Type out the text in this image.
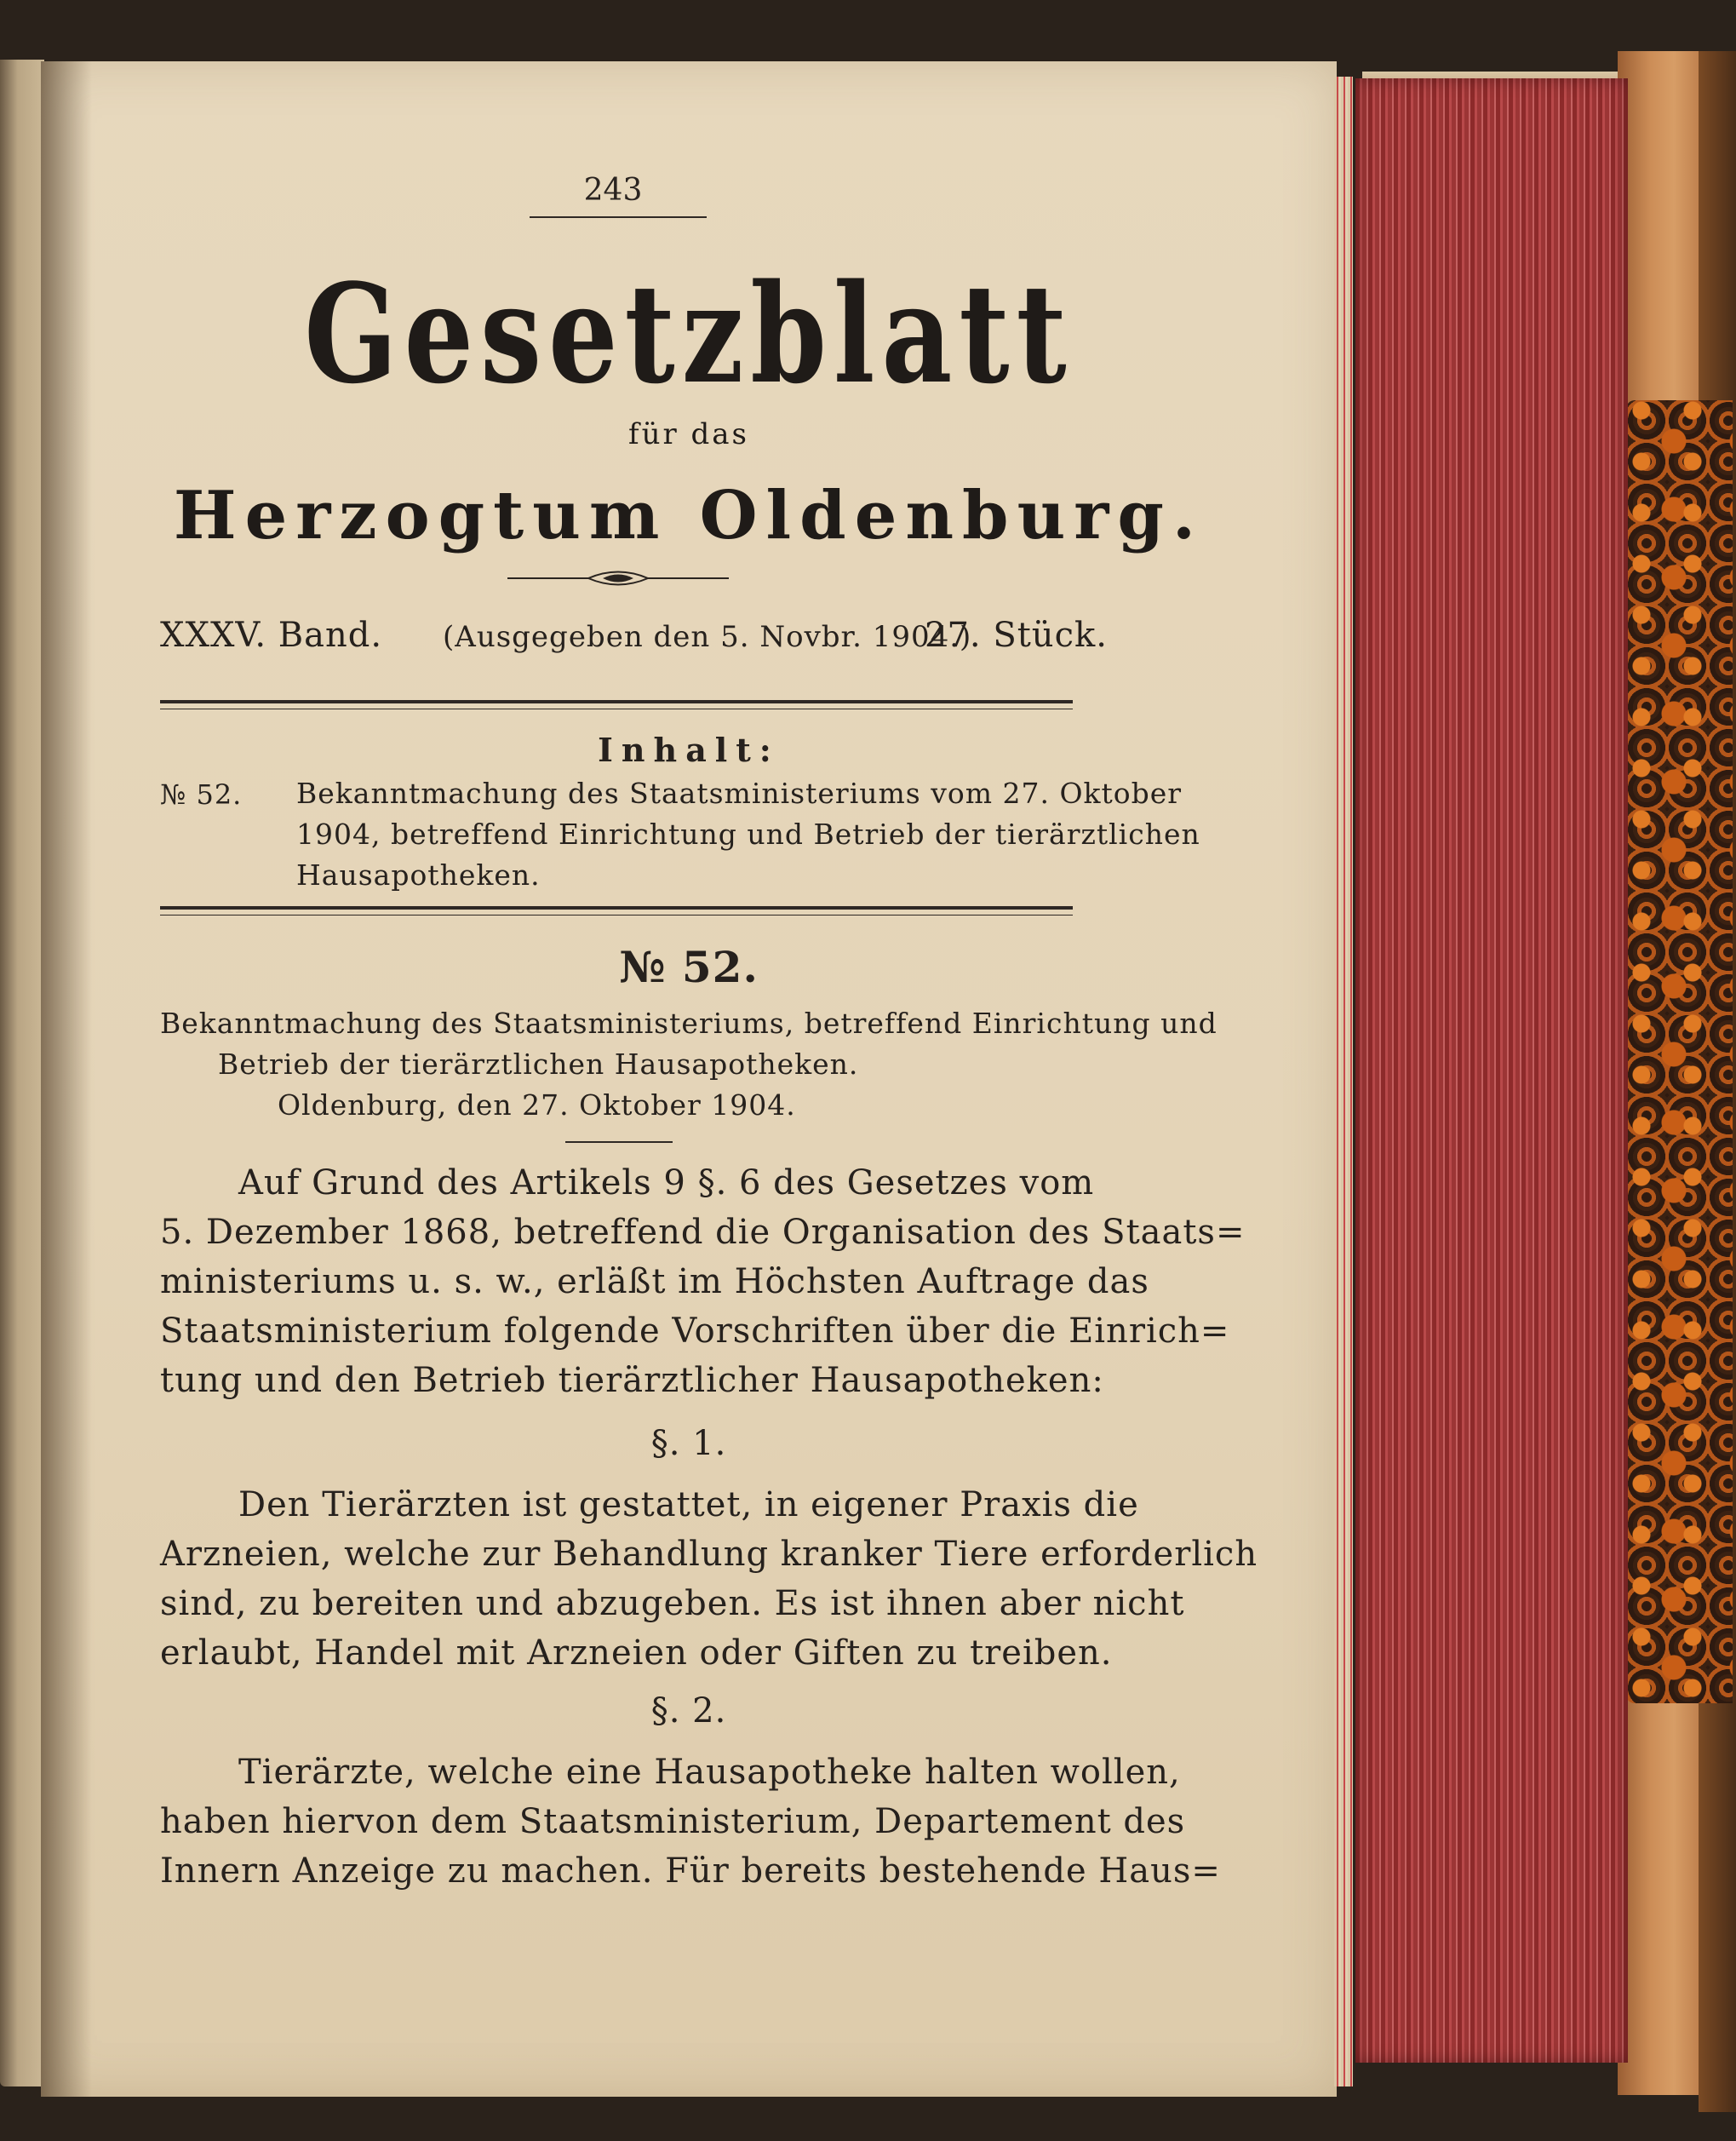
243
Gesetzblatt
für das
Herzogtum Oldenburg.
XXXV. Band. (Ausgegeben den 5. Novbr. 1904.)
27. Stück.
Inhalt:
№ 52. Bekanntmachung des Staatsministeriums vom 27. Oktober
1904, betreffend Einrichtung und Betrieb der tierärztlichen
Hausapotheken.
№ 52.
Bekanntmachung des Staatsministeriums, betreffend Einrichtung und
Betrieb der tierärztlichen Hausapotheken.
Oldenburg, den 27. Oktober 1904.
Auf Grund des Artikels 9 §. 6 des Gesetzes vom
5. Dezember 1868, betreffend die Organisation des Staats=
ministeriums u. s. w., erläßt im Höchsten Auftrage das
Staatsministerium folgende Vorschriften über die Einrich=
tung und den Betrieb tierärztlicher Hausapotheken:
§. 1.
Den Tierärzten ist gestattet, in eigener Praxis die
Arzneien, welche zur Behandlung kranker Tiere erforderlich
sind, zu bereiten und abzugeben. Es ist ihnen aber nicht
erlaubt, Handel mit Arzneien oder Giften zu treiben.
§. 2.
Tierärzte, welche eine Hausapotheke halten wollen,
haben hiervon dem Staatsministerium, Departement des
Innern Anzeige zu machen. Für bereits bestehende Haus=
